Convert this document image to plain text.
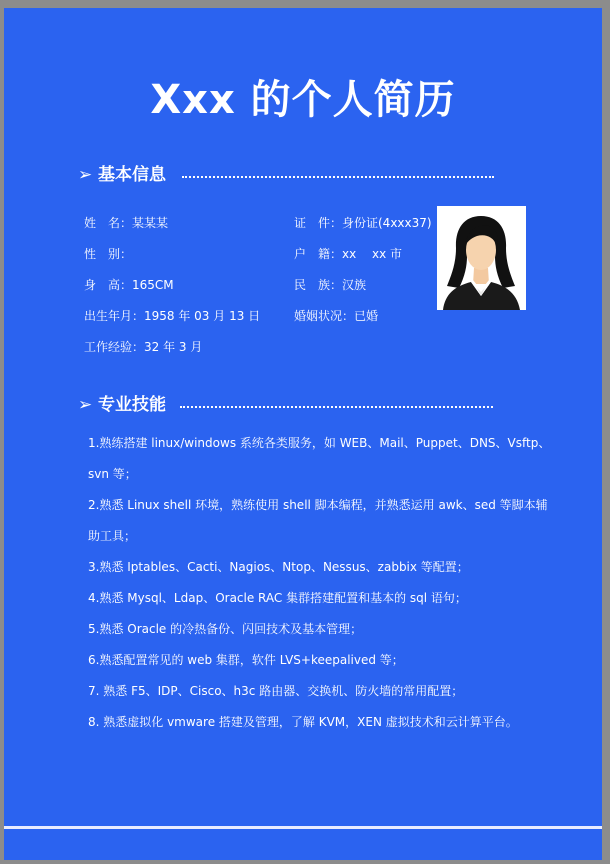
Xxx 的个人简历
➢ 基本信息
姓　名：某某某
性　别：
身　高：165CM
出生年月：1958 年 03 月 13 日
工作经验：32 年 3 月
证　件：身份证(4xxx37)
户　籍：xx　 xx 市
民　族：汉族
婚姻状况：已婚
➢ 专业技能
1.熟练搭建 linux/windows 系统各类服务，如 WEB、Mail、Puppet、DNS、Vsftp、
svn 等；
2.熟悉 Linux shell 环境，熟练使用 shell 脚本编程，并熟悉运用 awk、sed 等脚本辅
助工具；
3.熟悉 Iptables、Cacti、Nagios、Ntop、Nessus、zabbix 等配置；
4.熟悉 Mysql、Ldap、Oracle RAC 集群搭建配置和基本的 sql 语句；
5.熟悉 Oracle 的冷热备份、闪回技术及基本管理；
6.熟悉配置常见的 web 集群，软件 LVS+keepalived 等；
7. 熟悉 F5、IDP、Cisco、h3c 路由器、交换机、防火墙的常用配置；
8. 熟悉虚拟化 vmware 搭建及管理，了解 KVM，XEN 虚拟技术和云计算平台。
